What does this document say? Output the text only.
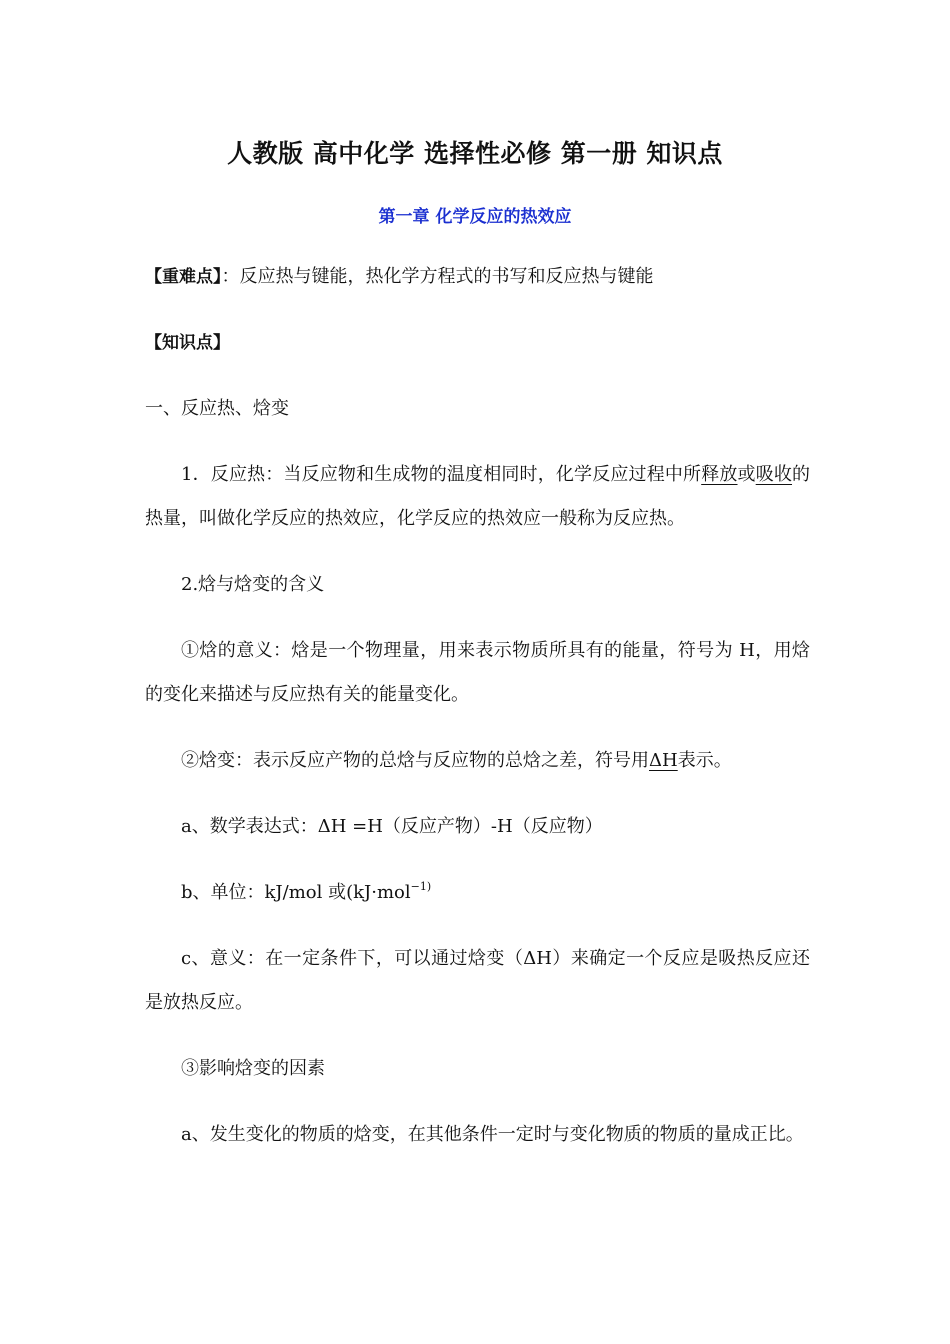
人教版 高中化学 选择性必修 第一册 知识点
第一章 化学反应的热效应
【重难点】：反应热与键能，热化学方程式的书写和反应热与键能
【知识点】
一、反应热、焓变
1．反应热：当反应物和生成物的温度相同时，化学反应过程中所释放或吸收的热量，叫做化学反应的热效应，化学反应的热效应一般称为反应热。
2.焓与焓变的含义
①焓的意义：焓是一个物理量，用来表示物质所具有的能量，符号为 H，用焓的变化来描述与反应热有关的能量变化。
②焓变：表示反应产物的总焓与反应物的总焓之差，符号用ΔH表示。
a、数学表达式：ΔH =H（反应产物）-H（反应物）
b、单位：kJ/mol 或(kJ·mol$^{-1)}$
c、意义：在一定条件下，可以通过焓变（ΔH）来确定一个反应是吸热反应还是放热反应。
③影响焓变的因素
a、发生变化的物质的焓变，在其他条件一定时与变化物质的物质的量成正比。
